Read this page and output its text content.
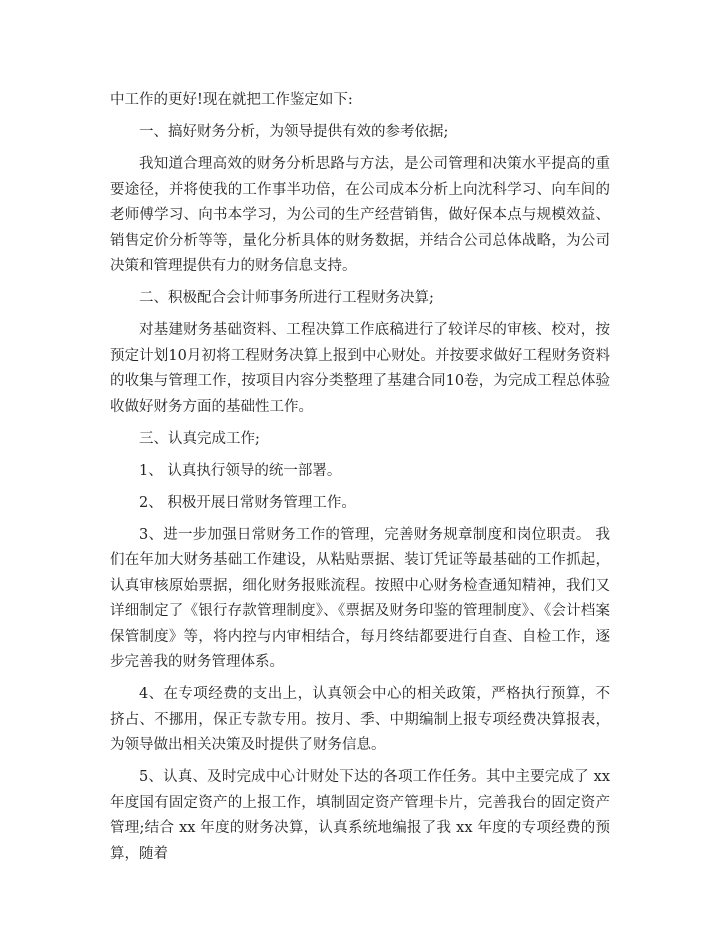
中工作的更好!现在就把工作鉴定如下:

一、搞好财务分析，为领导提供有效的参考依据;

我知道合理高效的财务分析思路与方法，是公司管理和决策水平提高的重要途径，并将使我的工作事半功倍，在公司成本分析上向沈科学习、向车间的老师傅学习、向书本学习，为公司的生产经营销售，做好保本点与规模效益、销售定价分析等等，量化分析具体的财务数据，并结合公司总体战略，为公司决策和管理提供有力的财务信息支持。

二、积极配合会计师事务所进行工程财务决算;

对基建财务基础资料、工程决算工作底稿进行了较详尽的审核、校对，按预定计划10月初将工程财务决算上报到中心财处。并按要求做好工程财务资料的收集与管理工作，按项目内容分类整理了基建合同10卷，为完成工程总体验收做好财务方面的基础性工作。

三、认真完成工作;

1、 认真执行领导的统一部署。

2、 积极开展日常财务管理工作。

3、进一步加强日常财务工作的管理，完善财务规章制度和岗位职责。 我们在年加大财务基础工作建设，从粘贴票据、装订凭证等最基础的工作抓起，认真审核原始票据，细化财务报账流程。按照中心财务检查通知精神，我们又详细制定了《银行存款管理制度》、《票据及财务印鉴的管理制度》、《会计档案保管制度》等，将内控与内审相结合，每月终结都要进行自查、自检工作，逐步完善我的财务管理体系。

4、在专项经费的支出上，认真领会中心的相关政策，严格执行预算，不挤占、不挪用，保正专款专用。按月、季、中期编制上报专项经费决算报表，为领导做出相关决策及时提供了财务信息。

5、认真、及时完成中心计财处下达的各项工作任务。其中主要完成了 xx 年度国有固定资产的上报工作，填制固定资产管理卡片，完善我台的固定资产管理;结合 xx 年度的财务决算，认真系统地编报了我 xx 年度的专项经费的预算，随着
